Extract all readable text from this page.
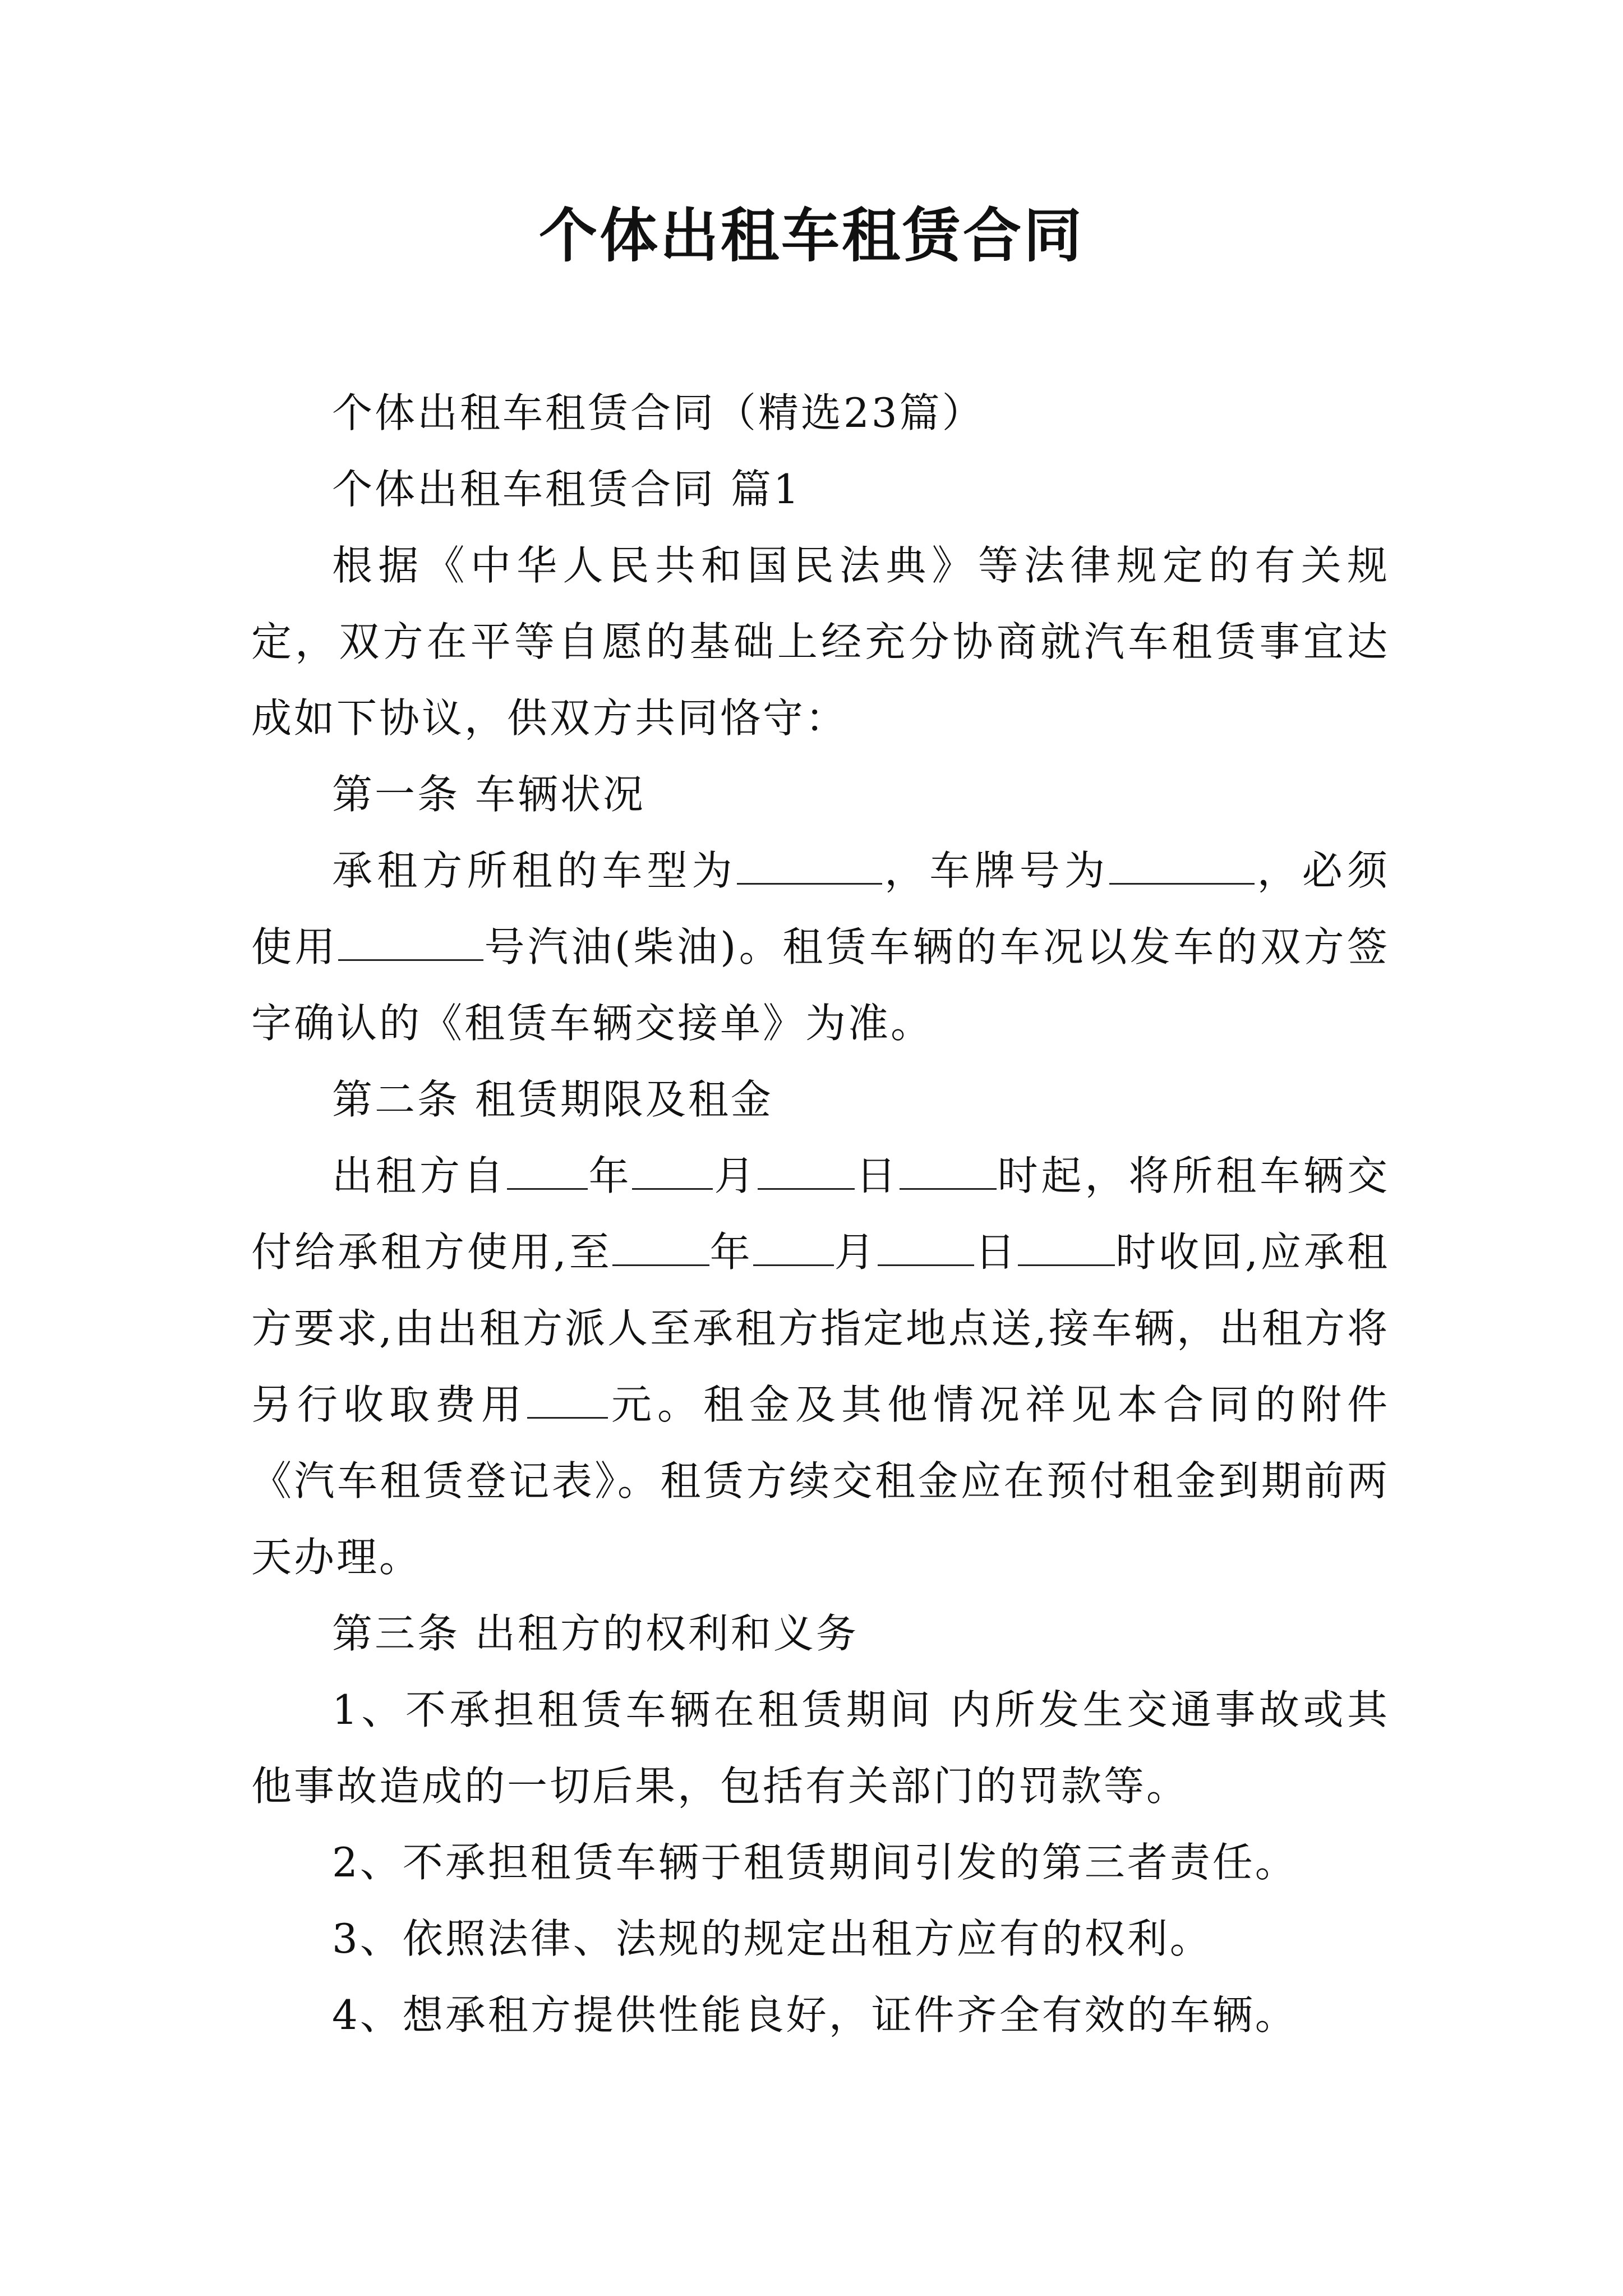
个体出租车租赁合同

个体出租车租赁合同（精选23篇）

个体出租车租赁合同 篇1

根据《中华人民共和国民法典》等法律规定的有关规定，双方在平等自愿的基础上经充分协商就汽车租赁事宜达成如下协议，供双方共同恪守：

第一条 车辆状况

承租方所租的车型为	，车牌号为	，必须使用	号汽油(柴油)。租赁车辆的车况以发车的双方签字确认的《租赁车辆交接单》为准。

第二条 租赁期限及租金

出租方自 年 月 日 时起，将所租车辆交付给承租方使用,至 年 月 日 时收回,应承租方要求,由出租方派人至承租方指定地点送,接车辆，出租方将另行收取费用 元。租金及其他情况祥见本合同的附件《汽车租赁登记表》。租赁方续交租金应在预付租金到期前两天办理。

第三条 出租方的权利和义务

1、不承担租赁车辆在租赁期间 内所发生交通事故或其他事故造成的一切后果，包括有关部门的罚款等。

2、不承担租赁车辆于租赁期间引发的第三者责任。

3、依照法律、法规的规定出租方应有的权利。

4、想承租方提供性能良好，证件齐全有效的车辆。
